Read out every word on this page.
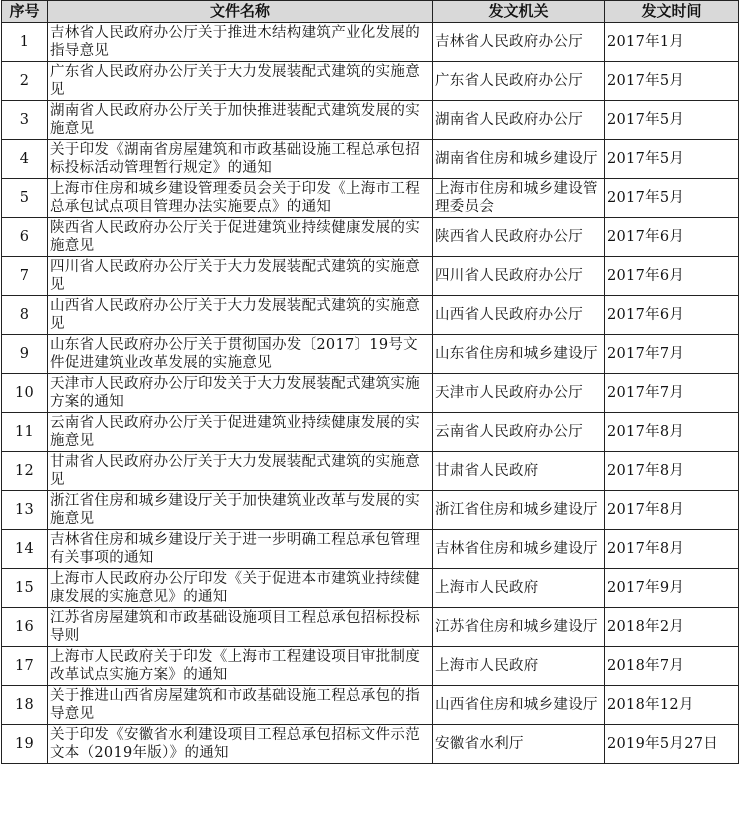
序号	文件名称	发文机关	发文时间
1	吉林省人民政府办公厅关于推进木结构建筑产业化发展的指导意见	吉林省人民政府办公厅	2017年1月
2	广东省人民政府办公厅关于大力发展装配式建筑的实施意见	广东省人民政府办公厅	2017年5月
3	湖南省人民政府办公厅关于加快推进装配式建筑发展的实施意见	湖南省人民政府办公厅	2017年5月
4	关于印发《湖南省房屋建筑和市政基础设施工程总承包招标投标活动管理暂行规定》的通知	湖南省住房和城乡建设厅	2017年5月
5	上海市住房和城乡建设管理委员会关于印发《上海市工程总承包试点项目管理办法实施要点》的通知	上海市住房和城乡建设管理委员会	2017年5月
6	陕西省人民政府办公厅关于促进建筑业持续健康发展的实施意见	陕西省人民政府办公厅	2017年6月
7	四川省人民政府办公厅关于大力发展装配式建筑的实施意见	四川省人民政府办公厅	2017年6月
8	山西省人民政府办公厅关于大力发展装配式建筑的实施意见	山西省人民政府办公厅	2017年6月
9	山东省人民政府办公厅关于贯彻国办发〔2017〕19号文件促进建筑业改革发展的实施意见	山东省住房和城乡建设厅	2017年7月
10	天津市人民政府办公厅印发关于大力发展装配式建筑实施方案的通知	天津市人民政府办公厅	2017年7月
11	云南省人民政府办公厅关于促进建筑业持续健康发展的实施意见	云南省人民政府办公厅	2017年8月
12	甘肃省人民政府办公厅关于大力发展装配式建筑的实施意见	甘肃省人民政府	2017年8月
13	浙江省住房和城乡建设厅关于加快建筑业改革与发展的实施意见	浙江省住房和城乡建设厅	2017年8月
14	吉林省住房和城乡建设厅关于进一步明确工程总承包管理有关事项的通知	吉林省住房和城乡建设厅	2017年8月
15	上海市人民政府办公厅印发《关于促进本市建筑业持续健康发展的实施意见》的通知	上海市人民政府	2017年9月
16	江苏省房屋建筑和市政基础设施项目工程总承包招标投标导则	江苏省住房和城乡建设厅	2018年2月
17	上海市人民政府关于印发《上海市工程建设项目审批制度改革试点实施方案》的通知	上海市人民政府	2018年7月
18	关于推进山西省房屋建筑和市政基础设施工程总承包的指导意见	山西省住房和城乡建设厅	2018年12月
19	关于印发《安徽省水利建设项目工程总承包招标文件示范文本（2019年版）》的通知	安徽省水利厅	2019年5月27日
